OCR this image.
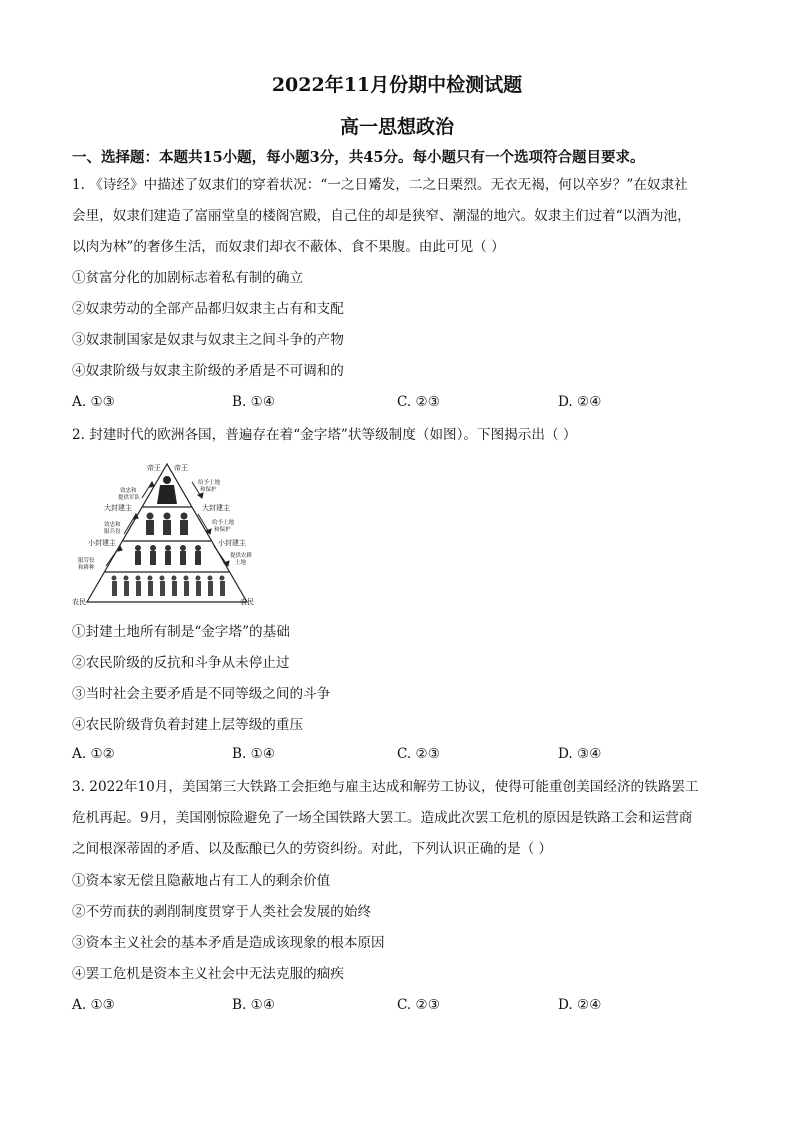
2022年11月份期中检测试题
高一思想政治
一、选择题：本题共15小题，每小题3分，共45分。每小题只有一个选项符合题目要求。
1. 《诗经》中描述了奴隶们的穿着状况：“一之日觱发，二之日栗烈。无衣无褐，何以卒岁？”在奴隶社
会里，奴隶们建造了富丽堂皇的楼阁宫殿，自己住的却是狭窄、潮湿的地穴。奴隶主们过着“以酒为池，
以肉为林”的奢侈生活，而奴隶们却衣不蔽体、食不果腹。由此可见（ ）
①贫富分化的加剧标志着私有制的确立
②奴隶劳动的全部产品都归奴隶主占有和支配
③奴隶制国家是奴隶与奴隶主之间斗争的产物
④奴隶阶级与奴隶主阶级的矛盾是不可调和的
A. ①③	B. ①④	C. ②③	D. ②④
2. 封建时代的欧洲各国，普遍存在着“金字塔”状等级制度（如图）。下图揭示出（ ）
帝王 帝王
效忠和
提供军队
给予土地
和保护
大封建主	大封建主
效忠和
服兵役
给予土地
和保护
小封建主	小封建主
服劳役
和耕种
提供农耕
土地
农民	农民
①封建土地所有制是“金字塔”的基础
②农民阶级的反抗和斗争从未停止过
③当时社会主要矛盾是不同等级之间的斗争
④农民阶级背负着封建上层等级的重压
A. ①②	B. ①④	C. ②③	D. ③④
3. 2022年10月，美国第三大铁路工会拒绝与雇主达成和解劳工协议，使得可能重创美国经济的铁路罢工
危机再起。9月，美国刚惊险避免了一场全国铁路大罢工。造成此次罢工危机的原因是铁路工会和运营商
之间根深蒂固的矛盾、以及酝酿已久的劳资纠纷。对此，下列认识正确的是（ ）
①资本家无偿且隐蔽地占有工人的剩余价值
②不劳而获的剥削制度贯穿于人类社会发展的始终
③资本主义社会的基本矛盾是造成该现象的根本原因
④罢工危机是资本主义社会中无法克服的痼疾
A. ①③	B. ①④	C. ②③	D. ②④
